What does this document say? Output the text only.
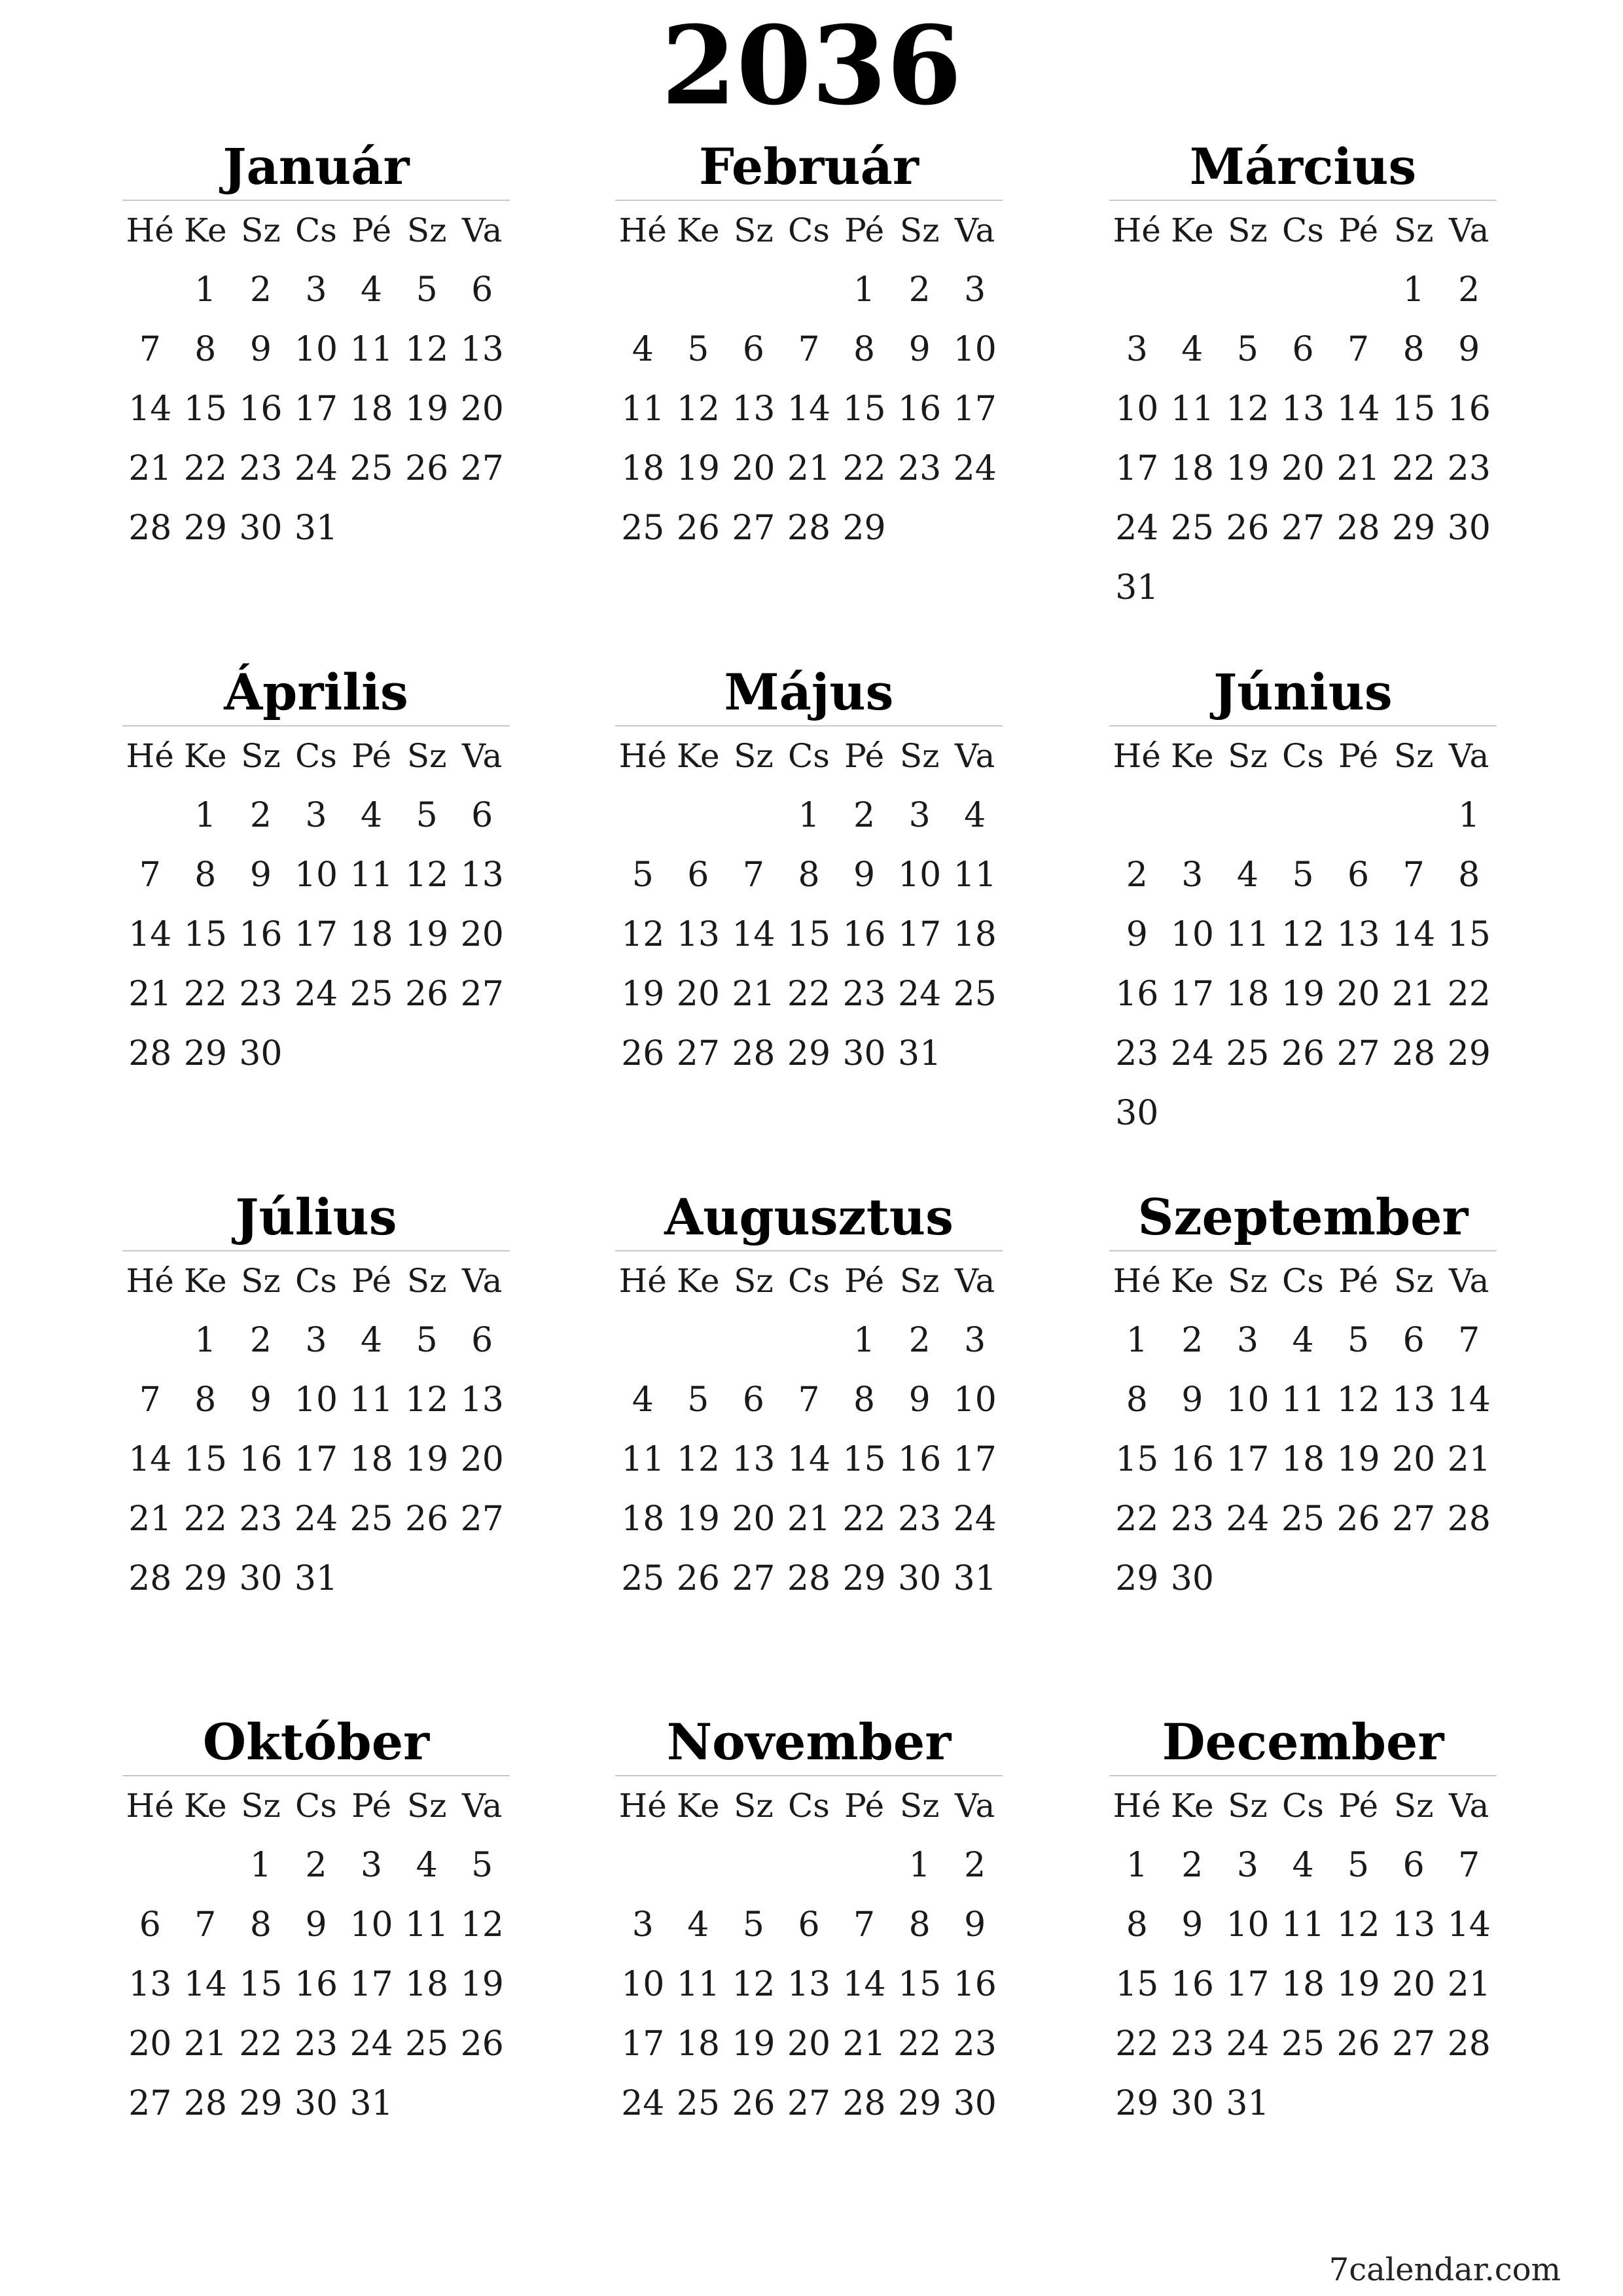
2036
Január
Hé Ke Sz Cs Pé Sz Va
1 2 3 4 5 6
7 8 9 10 11 12 13
14 15 16 17 18 19 20
21 22 23 24 25 26 27
28 29 30 31
Február
Hé Ke Sz Cs Pé Sz Va
1 2 3
4 5 6 7 8 9 10
11 12 13 14 15 16 17
18 19 20 21 22 23 24
25 26 27 28 29
Március
Hé Ke Sz Cs Pé Sz Va
1 2
3 4 5 6 7 8 9
10 11 12 13 14 15 16
17 18 19 20 21 22 23
24 25 26 27 28 29 30
31
Április
Hé Ke Sz Cs Pé Sz Va
1 2 3 4 5 6
7 8 9 10 11 12 13
14 15 16 17 18 19 20
21 22 23 24 25 26 27
28 29 30
Május
Hé Ke Sz Cs Pé Sz Va
1 2 3 4
5 6 7 8 9 10 11
12 13 14 15 16 17 18
19 20 21 22 23 24 25
26 27 28 29 30 31
Június
Hé Ke Sz Cs Pé Sz Va
1
2 3 4 5 6 7 8
9 10 11 12 13 14 15
16 17 18 19 20 21 22
23 24 25 26 27 28 29
30
Július
Hé Ke Sz Cs Pé Sz Va
1 2 3 4 5 6
7 8 9 10 11 12 13
14 15 16 17 18 19 20
21 22 23 24 25 26 27
28 29 30 31
Augusztus
Hé Ke Sz Cs Pé Sz Va
1 2 3
4 5 6 7 8 9 10
11 12 13 14 15 16 17
18 19 20 21 22 23 24
25 26 27 28 29 30 31
Szeptember
Hé Ke Sz Cs Pé Sz Va
1 2 3 4 5 6 7
8 9 10 11 12 13 14
15 16 17 18 19 20 21
22 23 24 25 26 27 28
29 30
Október
Hé Ke Sz Cs Pé Sz Va
1 2 3 4 5
6 7 8 9 10 11 12
13 14 15 16 17 18 19
20 21 22 23 24 25 26
27 28 29 30 31
November
Hé Ke Sz Cs Pé Sz Va
1 2
3 4 5 6 7 8 9
10 11 12 13 14 15 16
17 18 19 20 21 22 23
24 25 26 27 28 29 30
December
Hé Ke Sz Cs Pé Sz Va
1 2 3 4 5 6 7
8 9 10 11 12 13 14
15 16 17 18 19 20 21
22 23 24 25 26 27 28
29 30 31
7calendar.com
